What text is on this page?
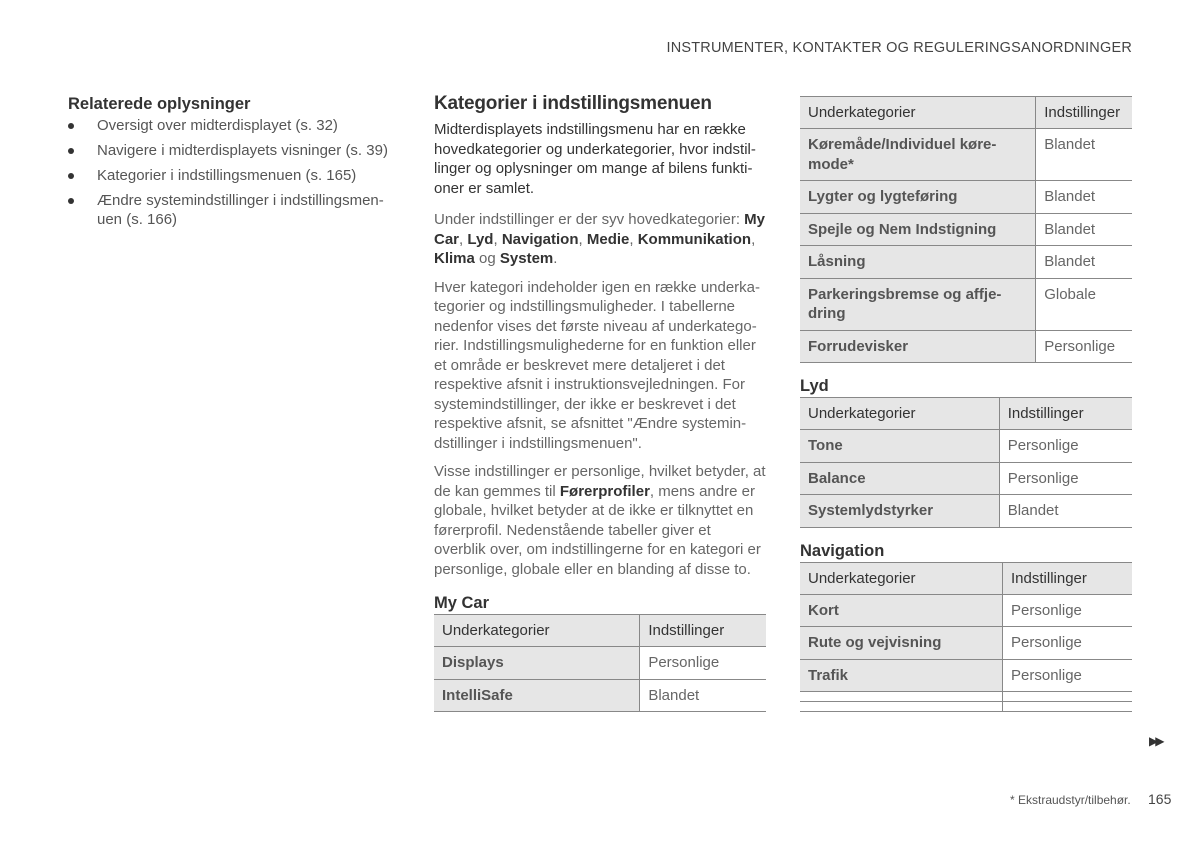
INSTRUMENTER, KONTAKTER OG REGULERINGSANORDNINGER
Relaterede oplysninger
Oversigt over midterdisplayet (s. 32)
Navigere i midterdisplayets visninger (s. 39)
Kategorier i indstillingsmenuen (s. 165)
Ændre systemindstillinger i indstillingsmen-uen (s. 166)
Kategorier i indstillingsmenuen

Midterdisplayets indstillingsmenu har en række hovedkategorier og underkategorier, hvor indstil-linger og oplysninger om mange af bilens funkti-oner er samlet.

Under indstillinger er der syv hovedkategorier: My Car, Lyd, Navigation, Medie, Kommunikation, Klima og System.

Hver kategori indeholder igen en række underka-tegorier og indstillingsmuligheder. I tabellerne nedenfor vises det første niveau af underkatego-rier. Indstillingsmulighederne for en funktion eller et område er beskrevet mere detaljeret i det respektive afsnit i instruktionsvejledningen. For systemindstillinger, der ikke er beskrevet i det respektive afsnit, se afsnittet "Ændre systemin-dstillinger i indstillingsmenuen".

Visse indstillinger er personlige, hvilket betyder, at de kan gemmes til Førerprofiler, mens andre er globale, hvilket betyder at de ikke er tilknyttet en førerprofil. Nedenstående tabeller giver et overblik over, om indstillingerne for en kategori er personlige, globale eller en blanding af disse to.

My Car
Underkategorier	Indstillinger
Displays	Personlige
IntelliSafe	Blandet
Underkategorier	Indstillinger
Køremåde/Individuel køre-mode*	Blandet
Lygter og lygteføring	Blandet
Spejle og Nem Indstigning	Blandet
Låsning	Blandet
Parkeringsbremse og affje-dring	Globale
Forrudevisker	Personlige
Lyd
Underkategorier	Indstillinger
Tone	Personlige
Balance	Personlige
Systemlydstyrker	Blandet
Navigation
Underkategorier	Indstillinger
Kort	Personlige
Rute og vejvisning	Personlige
Trafik	Personlige

▶▶
* Ekstraudstyr/tilbehør. 165
